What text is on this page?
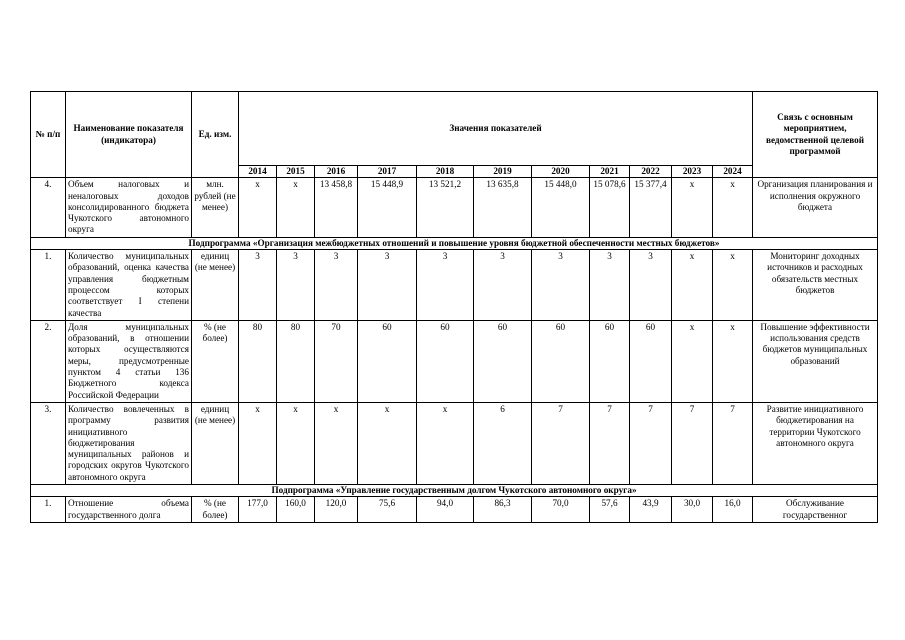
№ п/п	Наименование показателя (индикатора)	Ед. изм.	Значения показателей											Связь с основным мероприятием, ведомственной целевой программой
			2014	2015	2016	2017	2018	2019	2020	2021	2022	2023	2024	
4.	Объем налоговых и неналоговых доходов консолидированного бюджета Чукотского автономного округа	млн. рублей (не менее)	х	х	13 458,8	15 448,9	13 521,2	13 635,8	15 448,0	15 078,6	15 377,4	х	х	Организация планирования и исполнения окружного бюджета
Подпрограмма «Организация межбюджетных отношений и повышение уровня бюджетной обеспеченности местных бюджетов»														
1.	Количество муниципальных образований, оценка качества управления бюджетным процессом которых соответствует I степени качества	единиц (не менее)	3	3	3	3	3	3	3	3	3	х	х	Мониторинг доходных источников и расходных обязательств местных бюджетов
2.	Доля муниципальных образований, в отношении которых осуществляются меры, предусмотренные пунктом 4 статьи 136 Бюджетного кодекса Российской Федерации	% (не более)	80	80	70	60	60	60	60	60	60	х	х	Повышение эффективности использования средств бюджетов муниципальных образований
3.	Количество вовлеченных в программу развития инициативного бюджетирования муниципальных районов и городских округов Чукотского автономного округа	единиц (не менее)	х	х	х	х	х	6	7	7	7	7	7	Развитие инициативного бюджетирования на территории Чукотского автономного округа
Подпрограмма «Управление государственным долгом Чукотского автономного округа»														
1.	Отношение объема государственного долга	% (не более)	177,0	160,0	120,0	75,6	94,0	86,3	70,0	57,6	43,9	30,0	16,0	Обслуживание государственног
